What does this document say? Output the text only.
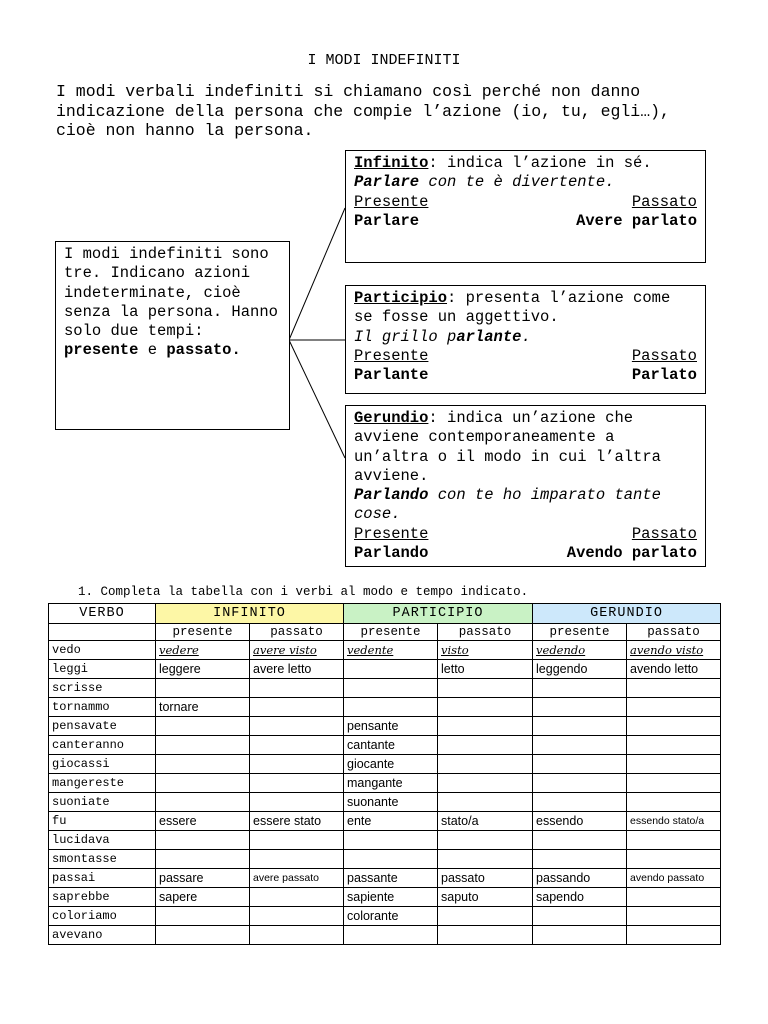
I MODI INDEFINITI
I modi verbali indefiniti si chiamano così perché non danno indicazione della persona che compie l’azione (io, tu, egli…), cioè non hanno la persona.
I modi indefiniti sono tre. Indicano azioni indeterminate, cioè senza la persona. Hanno solo due tempi: presente e passato.
Infinito: indica l’azione in sé.
Parlare con te è divertente.
Presente	Passato
Parlare	Avere parlato
Participio: presenta l’azione come se fosse un aggettivo.
Il grillo parlante.
Presente	Passato
Parlante	Parlato
Gerundio: indica un’azione che avviene contemporaneamente a un’altra o il modo in cui l’altra avviene.
Parlando con te ho imparato tante cose.
Presente	Passato
Parlando	Avendo parlato
1. Completa la tabella con i verbi al modo e tempo indicato.
VERBO	INFINITO		PARTICIPIO		GERUNDIO	
	presente	passato	presente	passato	presente	passato
vedo	vedere	avere visto	vedente	visto	vedendo	avendo visto
leggi	leggere	avere letto		letto	leggendo	avendo letto
scrisse						
tornammo	tornare					
pensavate			pensante			
canteranno			cantante			
giocassi			giocante			
mangereste			mangante			
suoniate			suonante			
fu	essere	essere stato	ente	stato/a	essendo	essendo stato/a
lucidava						
smontasse						
passai	passare	avere passato	passante	passato	passando	avendo passato
saprebbe	sapere		sapiente	saputo	sapendo	
coloriamo			colorante			
avevano						
